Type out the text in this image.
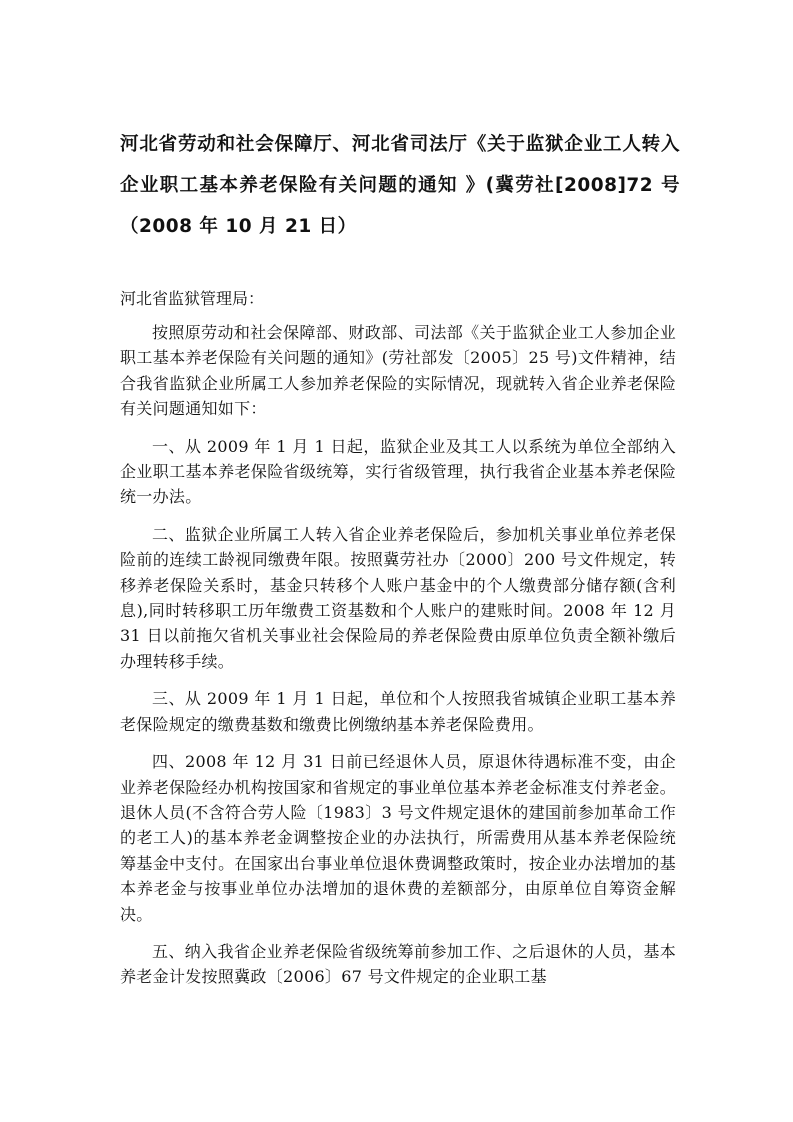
河北省劳动和社会保障厅、河北省司法厅《关于监狱企业工人转入企业职工基本养老保险有关问题的通知 》(冀劳社[2008]72 号 （2008 年 10 月 21 日）

河北省监狱管理局：

按照原劳动和社会保障部、财政部、司法部《关于监狱企业工人参加企业职工基本养老保险有关问题的通知》(劳社部发〔2005〕25 号)文件精神，结合我省监狱企业所属工人参加养老保险的实际情况，现就转入省企业养老保险有关问题通知如下：

一、从 2009 年 1 月 1 日起，监狱企业及其工人以系统为单位全部纳入企业职工基本养老保险省级统筹，实行省级管理，执行我省企业基本养老保险统一办法。

二、监狱企业所属工人转入省企业养老保险后，参加机关事业单位养老保险前的连续工龄视同缴费年限。按照冀劳社办〔2000〕200 号文件规定，转移养老保险关系时，基金只转移个人账户基金中的个人缴费部分储存额(含利息),同时转移职工历年缴费工资基数和个人账户的建账时间。2008 年 12 月 31 日以前拖欠省机关事业社会保险局的养老保险费由原单位负责全额补缴后办理转移手续。

三、从 2009 年 1 月 1 日起，单位和个人按照我省城镇企业职工基本养老保险规定的缴费基数和缴费比例缴纳基本养老保险费用。

四、2008 年 12 月 31 日前已经退休人员，原退休待遇标准不变，由企业养老保险经办机构按国家和省规定的事业单位基本养老金标准支付养老金。退休人员(不含符合劳人险〔1983〕3 号文件规定退休的建国前参加革命工作的老工人)的基本养老金调整按企业的办法执行，所需费用从基本养老保险统筹基金中支付。在国家出台事业单位退休费调整政策时，按企业办法增加的基本养老金与按事业单位办法增加的退休费的差额部分，由原单位自筹资金解决。

五、纳入我省企业养老保险省级统筹前参加工作、之后退休的人员，基本养老金计发按照冀政〔2006〕67 号文件规定的企业职工基
